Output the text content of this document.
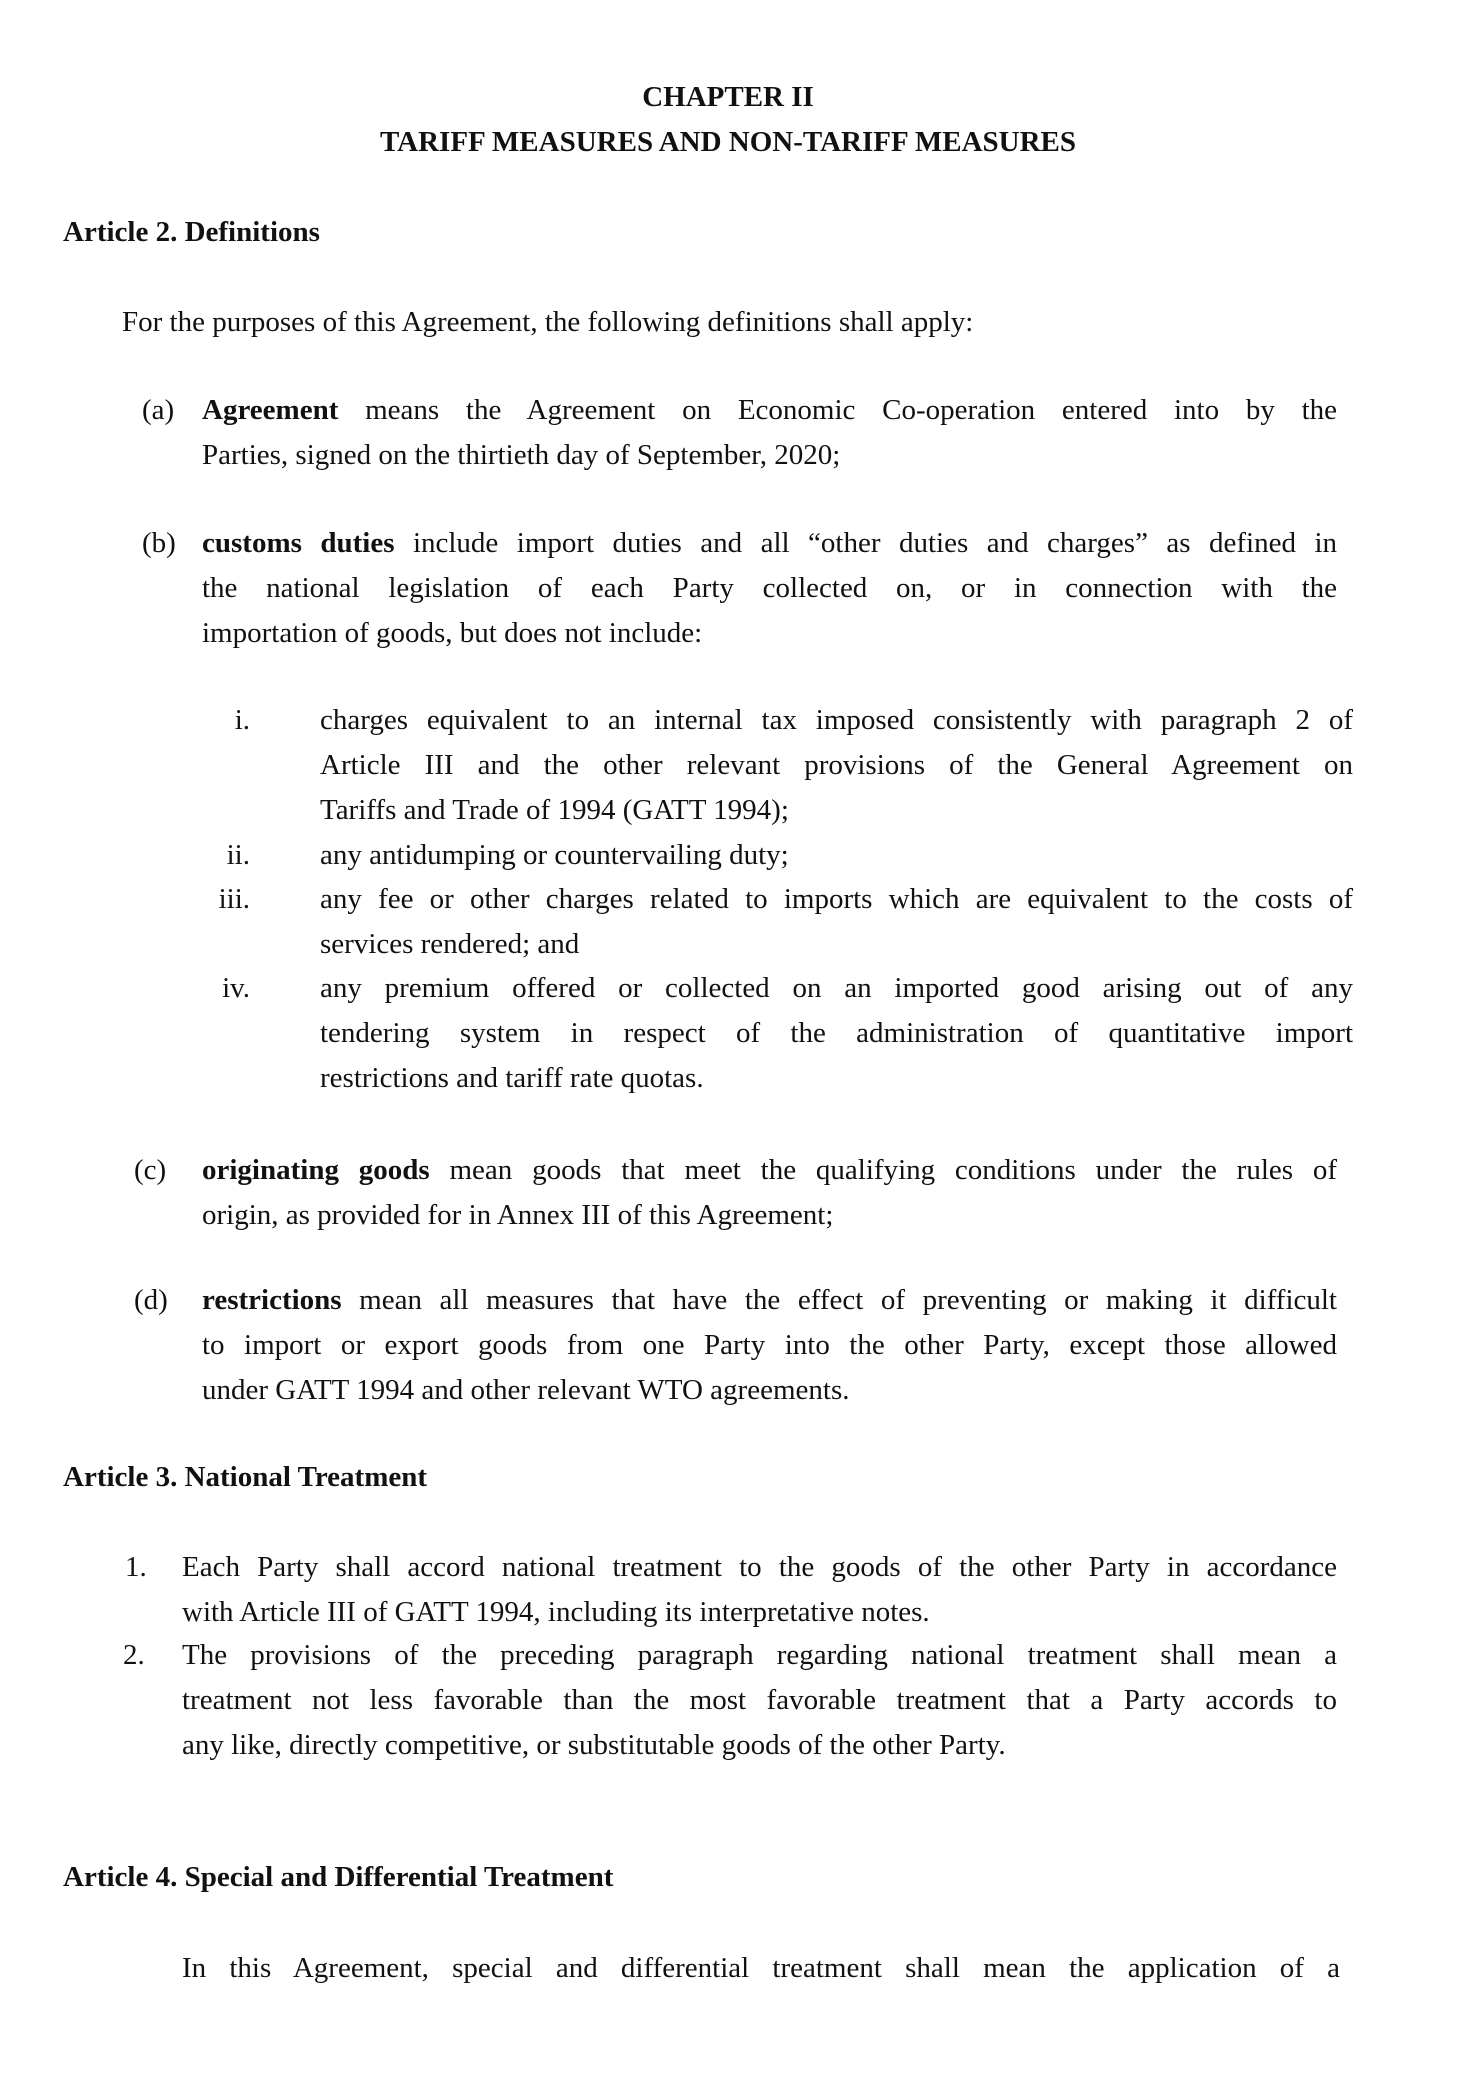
CHAPTER II
TARIFF MEASURES AND NON-TARIFF MEASURES
Article 2. Definitions
For the purposes of this Agreement, the following definitions shall apply:
(a) Agreement means the Agreement on Economic Co-operation entered into by the
Parties, signed on the thirtieth day of September, 2020;
(b) customs duties include import duties and all “other duties and charges” as defined in
the national legislation of each Party collected on, or in connection with the
importation of goods, but does not include:
i. charges equivalent to an internal tax imposed consistently with paragraph 2 of
Article III and the other relevant provisions of the General Agreement on
Tariffs and Trade of 1994 (GATT 1994);
ii. any antidumping or countervailing duty;
iii. any fee or other charges related to imports which are equivalent to the costs of
services rendered; and
iv. any premium offered or collected on an imported good arising out of any
tendering system in respect of the administration of quantitative import
restrictions and tariff rate quotas.
(c) originating goods mean goods that meet the qualifying conditions under the rules of
origin, as provided for in Annex III of this Agreement;
(d) restrictions mean all measures that have the effect of preventing or making it difficult
to import or export goods from one Party into the other Party, except those allowed
under GATT 1994 and other relevant WTO agreements.
Article 3. National Treatment
1. Each Party shall accord national treatment to the goods of the other Party in accordance
with Article III of GATT 1994, including its interpretative notes.
2. The provisions of the preceding paragraph regarding national treatment shall mean a
treatment not less favorable than the most favorable treatment that a Party accords to
any like, directly competitive, or substitutable goods of the other Party.
Article 4. Special and Differential Treatment
In this Agreement, special and differential treatment shall mean the application of a
